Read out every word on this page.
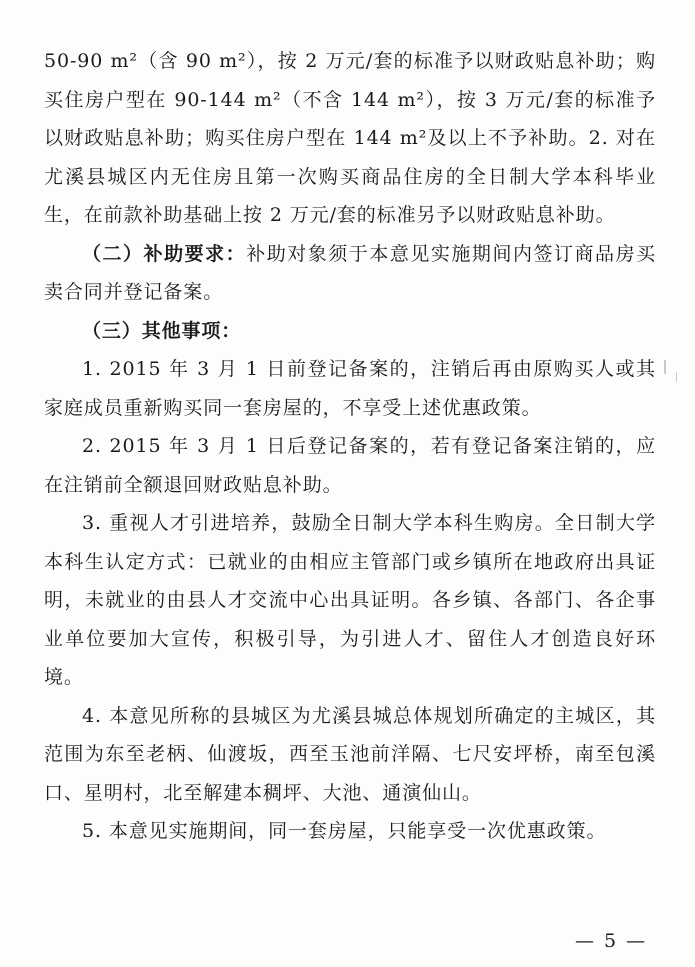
50-90 m²（含 90 m²），按 2 万元/套的标准予以财政贴息补助；购买住房户型在 90-144 m²（不含 144 m²），按 3 万元/套的标准予以财政贴息补助；购买住房户型在 144 m²及以上不予补助。2. 对在尤溪县城区内无住房且第一次购买商品住房的全日制大学本科毕业生，在前款补助基础上按 2 万元/套的标准另予以财政贴息补助。

（二）补助要求：补助对象须于本意见实施期间内签订商品房买卖合同并登记备案。

（三）其他事项：

1. 2015 年 3 月 1 日前登记备案的，注销后再由原购买人或其家庭成员重新购买同一套房屋的，不享受上述优惠政策。

2. 2015 年 3 月 1 日后登记备案的，若有登记备案注销的，应在注销前全额退回财政贴息补助。

3. 重视人才引进培养，鼓励全日制大学本科生购房。全日制大学本科生认定方式：已就业的由相应主管部门或乡镇所在地政府出具证明，未就业的由县人才交流中心出具证明。各乡镇、各部门、各企事业单位要加大宣传，积极引导，为引进人才、留住人才创造良好环境。

4. 本意见所称的县城区为尤溪县城总体规划所确定的主城区，其范围为东至老柄、仙渡坂，西至玉池前洋隔、七尺安坪桥，南至包溪口、星明村，北至解建本稠坪、大池、通演仙山。

5. 本意见实施期间，同一套房屋，只能享受一次优惠政策。

— 5 —
